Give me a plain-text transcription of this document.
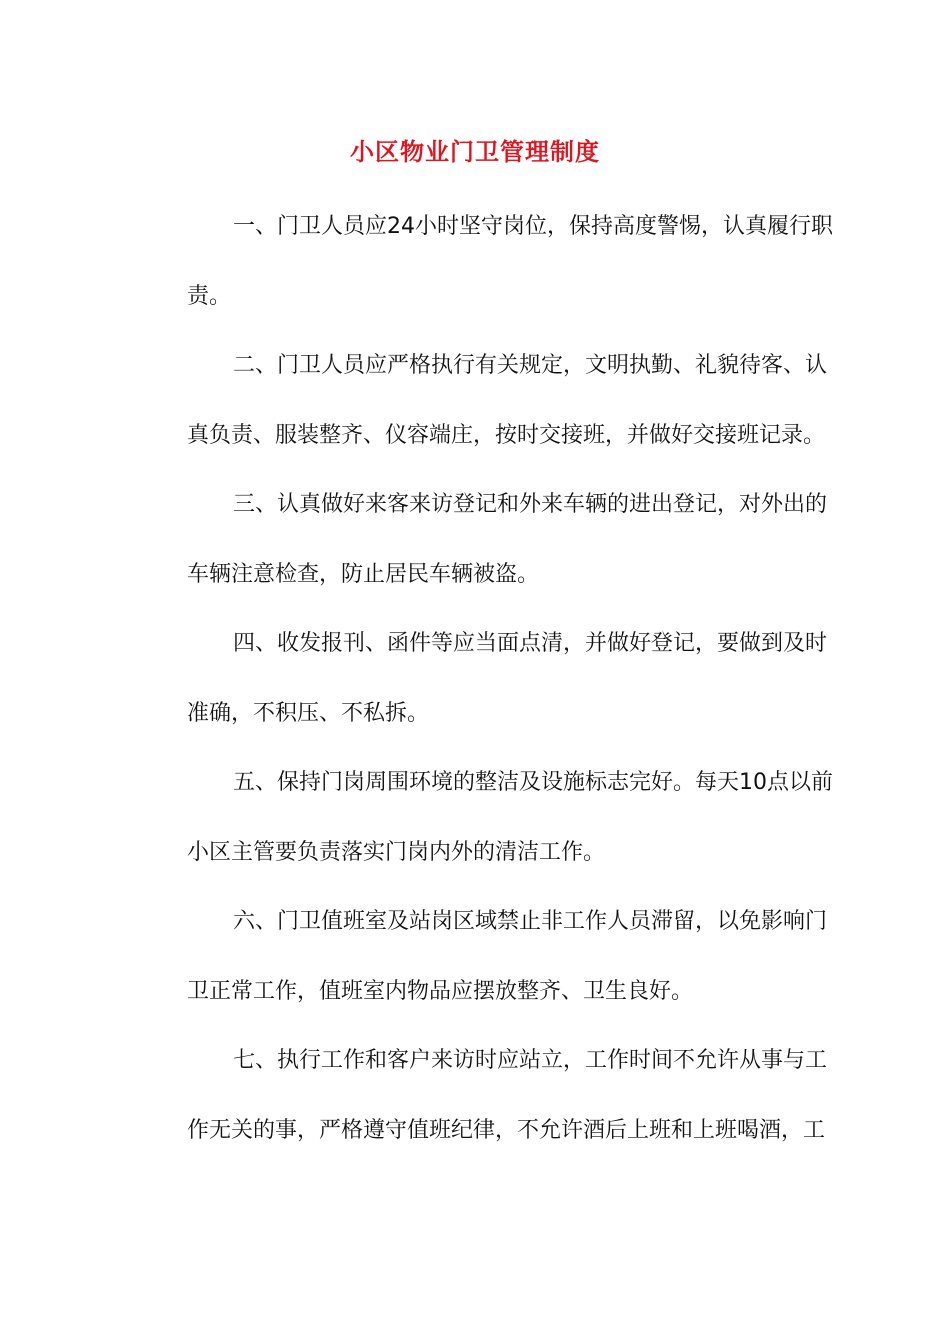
小区物业门卫管理制度
一、门卫人员应24小时坚守岗位，保持高度警惕，认真履行职
责。
二、门卫人员应严格执行有关规定，文明执勤、礼貌待客、认
真负责、服装整齐、仪容端庄，按时交接班，并做好交接班记录。
三、认真做好来客来访登记和外来车辆的进出登记，对外出的
车辆注意检查，防止居民车辆被盗。
四、收发报刊、函件等应当面点清，并做好登记，要做到及时
准确，不积压、不私拆。
五、保持门岗周围环境的整洁及设施标志完好。每天10点以前
小区主管要负责落实门岗内外的清洁工作。
六、门卫值班室及站岗区域禁止非工作人员滞留，以免影响门
卫正常工作，值班室内物品应摆放整齐、卫生良好。
七、执行工作和客户来访时应站立，工作时间不允许从事与工
作无关的事，严格遵守值班纪律，不允许酒后上班和上班喝酒，工
